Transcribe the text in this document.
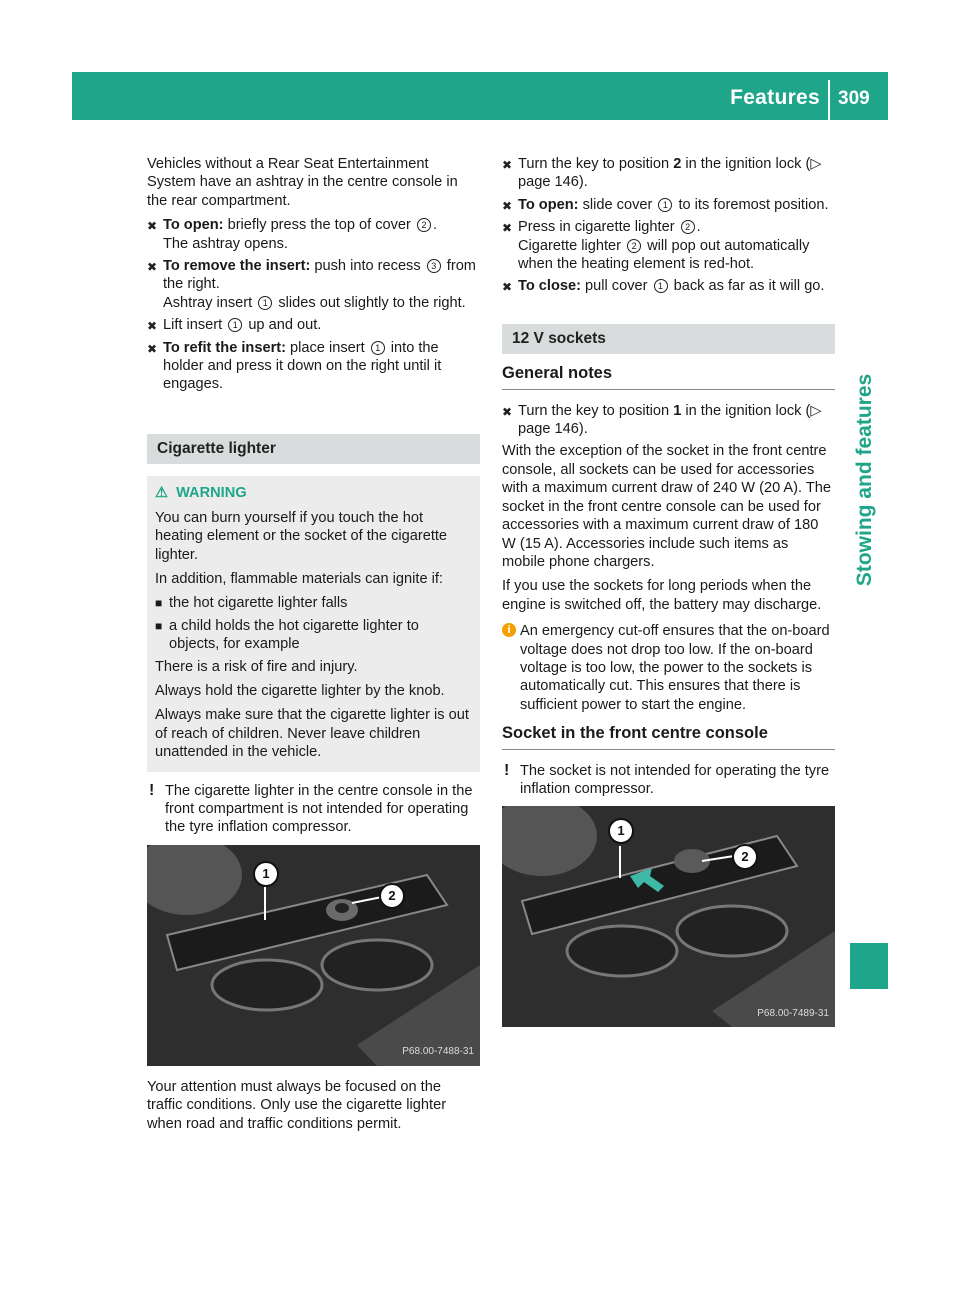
Features 309
Stowing and features

Vehicles without a Rear Seat Entertainment System have an ashtray in the centre console in the rear compartment.

✖ To open: briefly press the top of cover 2 .
The ashtray opens.
✖ To remove the insert: push into recess 3 from the right.
Ashtray insert 1 slides out slightly to the right.
✖ Lift insert 1 up and out.
✖ To refit the insert: place insert 1 into the holder and press it down on the right until it engages.
Cigarette lighter
⚠ WARNING

You can burn yourself if you touch the hot heating element or the socket of the cigarette lighter.

In addition, flammable materials can ignite if:

■ the hot cigarette lighter falls
■ a child holds the hot cigarette lighter to objects, for example

There is a risk of fire and injury.

Always hold the cigarette lighter by the knob.

Always make sure that the cigarette lighter is out of reach of children. Never leave children unattended in the vehicle.

! The cigarette lighter in the centre console in the front compartment is not intended for operating the tyre inflation compressor.
1
2
P68.00-7488-31

Your attention must always be focused on the traffic conditions. Only use the cigarette lighter when road and traffic conditions permit.

✖ Turn the key to position 2 in the ignition lock (▷ page 146).
✖ To open: slide cover 1 to its foremost position.
✖ Press in cigarette lighter 2 .
Cigarette lighter 2 will pop out automatically when the heating element is red-hot.
✖ To close: pull cover 1 back as far as it will go.
12 V sockets
General notes
✖ Turn the key to position 1 in the ignition lock (▷ page 146).

With the exception of the socket in the front centre console, all sockets can be used for accessories with a maximum current draw of 240 W (20 A). The socket in the front centre console can be used for accessories with a maximum current draw of 180 W (15 A). Accessories include such items as mobile phone chargers.

If you use the sockets for long periods when the engine is switched off, the battery may discharge.

i An emergency cut-off ensures that the on-board voltage does not drop too low. If the on-board voltage is too low, the power to the sockets is automatically cut. This ensures that there is sufficient power to start the engine.
Socket in the front centre console
! The socket is not intended for operating the tyre inflation compressor.
1
2
P68.00-7489-31
